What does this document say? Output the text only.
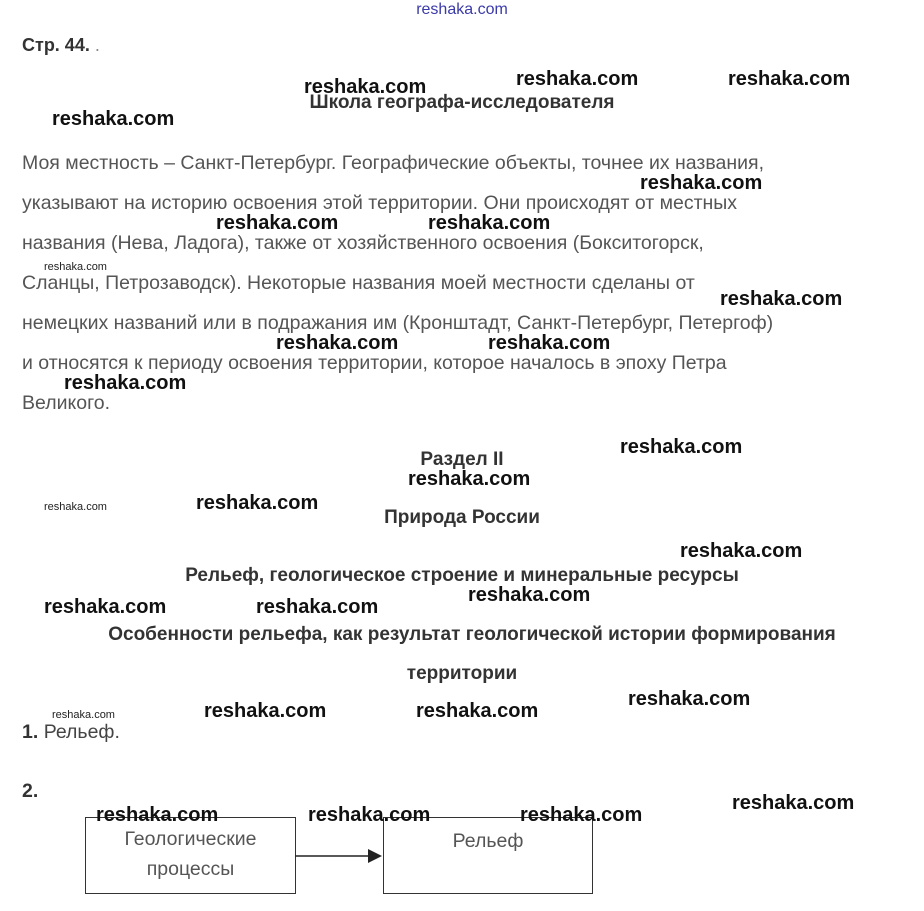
reshaka.com
Стр. 44. .
Школа географа-исследователя
Моя местность – Санкт-Петербург. Географические объекты, точнее их названия,
указывают на историю освоения этой территории. Они происходят от местных
названия (Нева, Ладога), также от хозяйственного освоения (Бокситогорск,
Сланцы, Петрозаводск). Некоторые названия моей местности сделаны от
немецких названий или в подражания им (Кронштадт, Санкт-Петербург, Петергоф)
и относятся к периоду освоения территории, которое началось в эпоху Петра
Великого.
Раздел II
Природа России
Рельеф, геологическое строение и минеральные ресурсы
Особенности рельефа, как результат геологической истории формирования
территории
1. Рельеф.
2.
Геологические
процессы
Рельеф
reshaka.com	reshaka.com	reshaka.com
reshaka.com
reshaka.com
reshaka.com	reshaka.com
reshaka.com
reshaka.com
reshaka.com	reshaka.com
reshaka.com
reshaka.com
reshaka.com
reshaka.com	reshaka.com
reshaka.com
reshaka.com
reshaka.com	reshaka.com
reshaka.com
reshaka.com	reshaka.com	reshaka.com
reshaka.com
reshaka.com	reshaka.com	reshaka.com
